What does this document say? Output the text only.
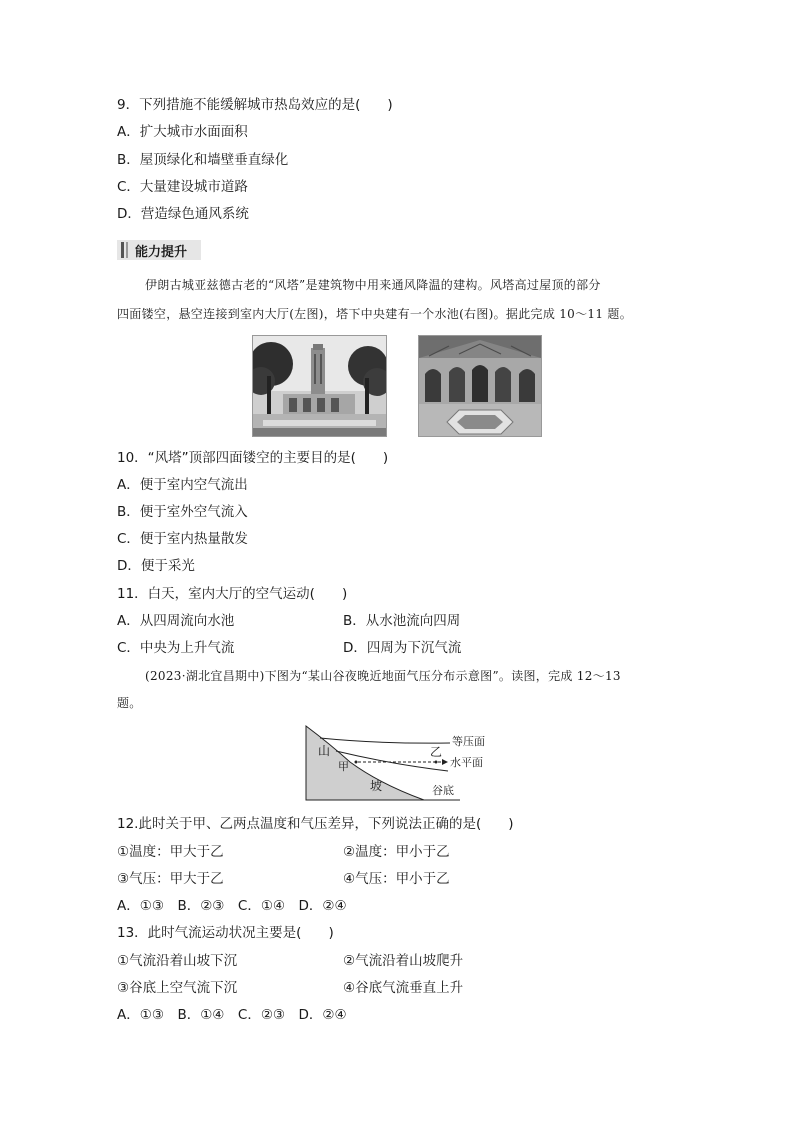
9．下列措施不能缓解城市热岛效应的是(　　)
A．扩大城市水面面积
B．屋顶绿化和墙壁垂直绿化
C．大量建设城市道路
D．营造绿色通风系统
能力提升
伊朗古城亚兹德古老的“风塔”是建筑物中用来通风降温的建构。风塔高过屋顶的部分
四面镂空，悬空连接到室内大厅(左图)，塔下中央建有一个水池(右图)。据此完成 10～11 题。
10．“风塔”顶部四面镂空的主要目的是(　　)
A．便于室内空气流出
B．便于室外空气流入
C．便于室内热量散发
D．便于采光
11．白天，室内大厅的空气运动(　　)
A．从四周流向水池	B．从水池流向四周
C．中央为上升气流	D．四周为下沉气流
(2023·湖北宜昌期中)下图为“某山谷夜晚近地面气压分布示意图”。读图，完成 12～13
题。
山
甲
坡
乙
等压面
水平面
谷底
12.此时关于甲、乙两点温度和气压差异，下列说法正确的是(　　)
①温度：甲大于乙	②温度：甲小于乙
③气压：甲大于乙	④气压：甲小于乙
A．①③　B．②③　C．①④　D．②④
13．此时气流运动状况主要是(　　)
①气流沿着山坡下沉	②气流沿着山坡爬升
③谷底上空气流下沉	④谷底气流垂直上升
A．①③　B．①④　C．②③　D．②④
